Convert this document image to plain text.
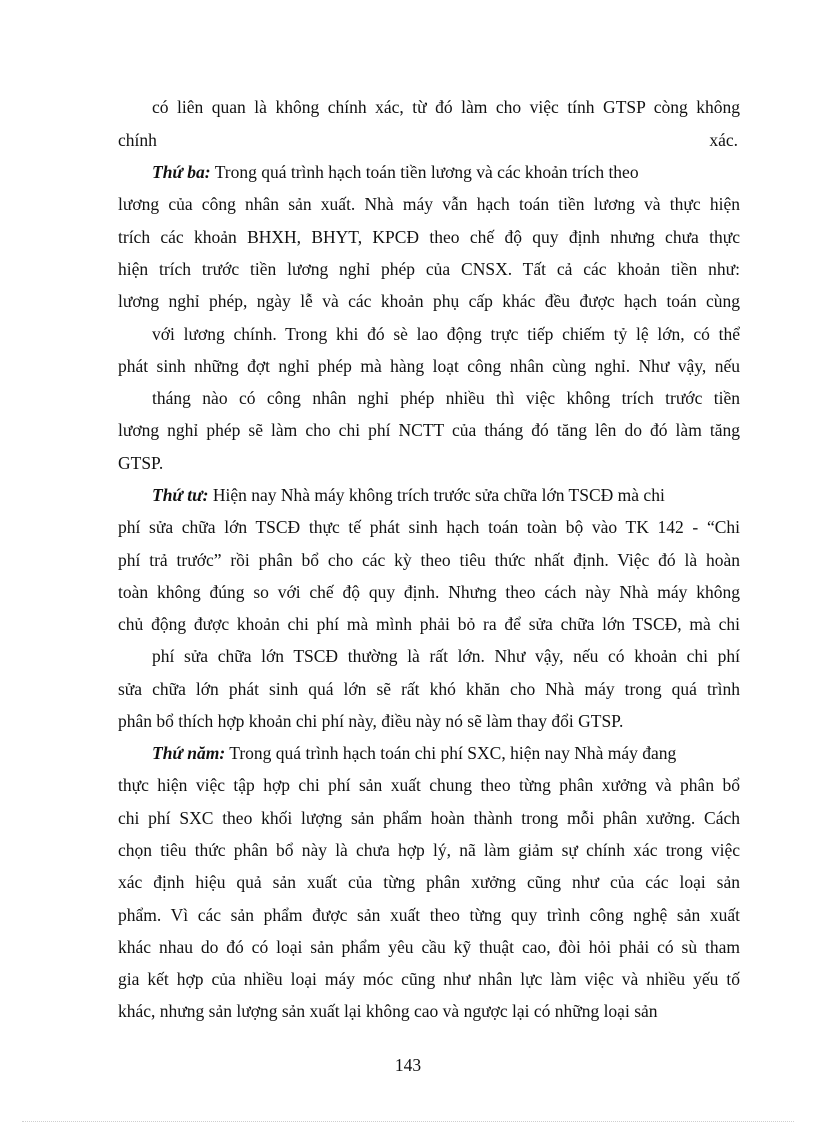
có liên quan là không chính xác, từ đó làm cho việc tính GTSP còng không

chính	xác.

Thứ ba: Trong quá trình hạch toán tiền lương và các khoản trích theo

lương của công nhân sản xuất. Nhà máy vẫn hạch toán tiền lương và thực hiện

trích các khoản BHXH, BHYT, KPCĐ theo chế độ quy định nhưng chưa thực

hiện trích trước tiền lương nghỉ phép của CNSX. Tất cả các khoản tiền như:

lương nghỉ phép, ngày lễ và các khoản phụ cấp khác đều được hạch toán cùng

với lương chính. Trong khi đó sè lao động trực tiếp chiếm tỷ lệ lớn, có thể

phát sinh những đợt nghỉ phép mà hàng loạt công nhân cùng nghỉ. Như vậy, nếu

tháng nào có công nhân nghỉ phép nhiều thì việc không trích trước tiền

lương nghỉ phép sẽ làm cho chi phí NCTT của tháng đó tăng lên do đó làm tăng

GTSP.

Thứ tư: Hiện nay Nhà máy không trích trước sửa chữa lớn TSCĐ mà chi

phí sửa chữa lớn TSCĐ thực tế phát sinh hạch toán toàn bộ vào TK 142 - “Chi

phí trả trước” rồi phân bổ cho các kỳ theo tiêu thức nhất định. Việc đó là hoàn

toàn không đúng so với chế độ quy định. Nhưng theo cách này Nhà máy không

chủ động được khoản chi phí mà mình phải bỏ ra để sửa chữa lớn TSCĐ, mà chi

phí sửa chữa lớn TSCĐ thường là rất lớn. Như vậy, nếu có khoản chi phí

sửa chữa lớn phát sinh quá lớn sẽ rất khó khăn cho Nhà máy trong quá trình

phân bổ thích hợp khoản chi phí này, điều này nó sẽ làm thay đổi GTSP.

Thứ năm: Trong quá trình hạch toán chi phí SXC, hiện nay Nhà máy đang

thực hiện việc tập hợp chi phí sản xuất chung theo từng phân xưởng và phân bổ

chi phí SXC theo khối lượng sản phẩm hoàn thành trong mỗi phân xưởng. Cách

chọn tiêu thức phân bổ này là chưa hợp lý, nã làm giảm sự chính xác trong việc

xác định hiệu quả sản xuất của từng phân xưởng cũng như của các loại sản

phẩm. Vì các sản phẩm được sản xuất theo từng quy trình công nghệ sản xuất

khác nhau do đó có loại sản phẩm yêu cầu kỹ thuật cao, đòi hỏi phải có sù tham

gia kết hợp của nhiều loại máy móc cũng như nhân lực làm việc và nhiều yếu tố

khác, nhưng sản lượng sản xuất lại không cao và ngược lại có những loại sản

143
